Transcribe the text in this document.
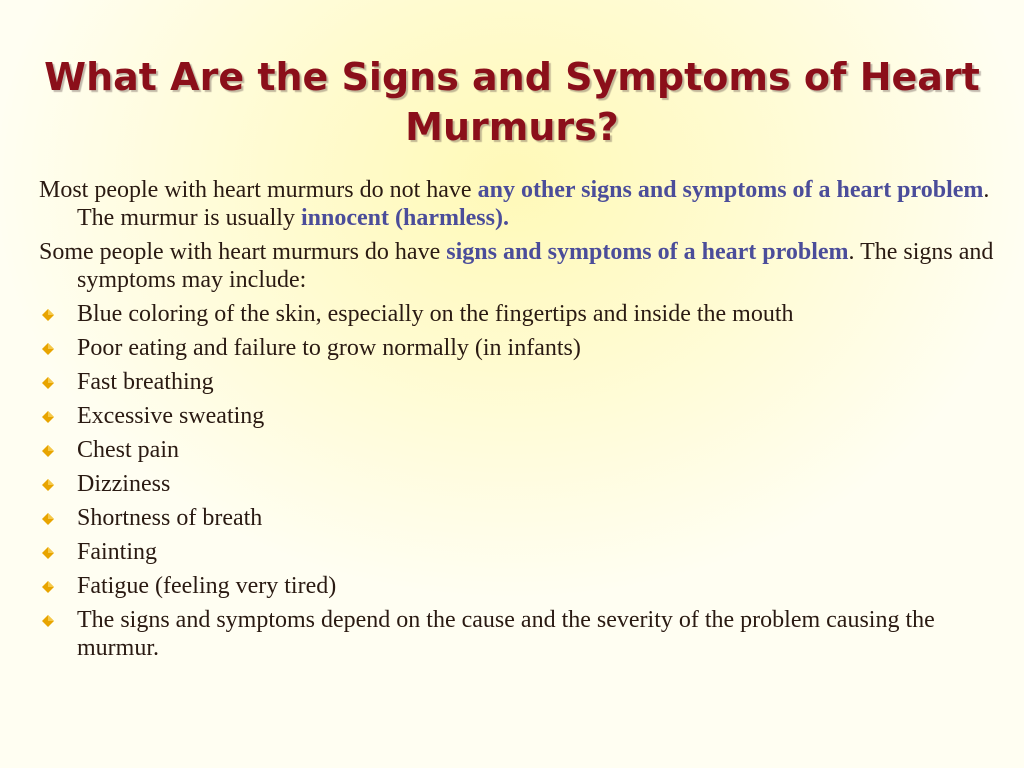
What Are the Signs and Symptoms of Heart Murmurs?

Most people with heart murmurs do not have any other signs and symptoms of a heart problem. The murmur is usually innocent (harmless).

Some people with heart murmurs do have signs and symptoms of a heart problem. The signs and symptoms may include:

Blue coloring of the skin, especially on the fingertips and inside the mouth
Poor eating and failure to grow normally (in infants)
Fast breathing
Excessive sweating
Chest pain
Dizziness
Shortness of breath
Fainting
Fatigue (feeling very tired)
The signs and symptoms depend on the cause and the severity of the problem causing the murmur.
